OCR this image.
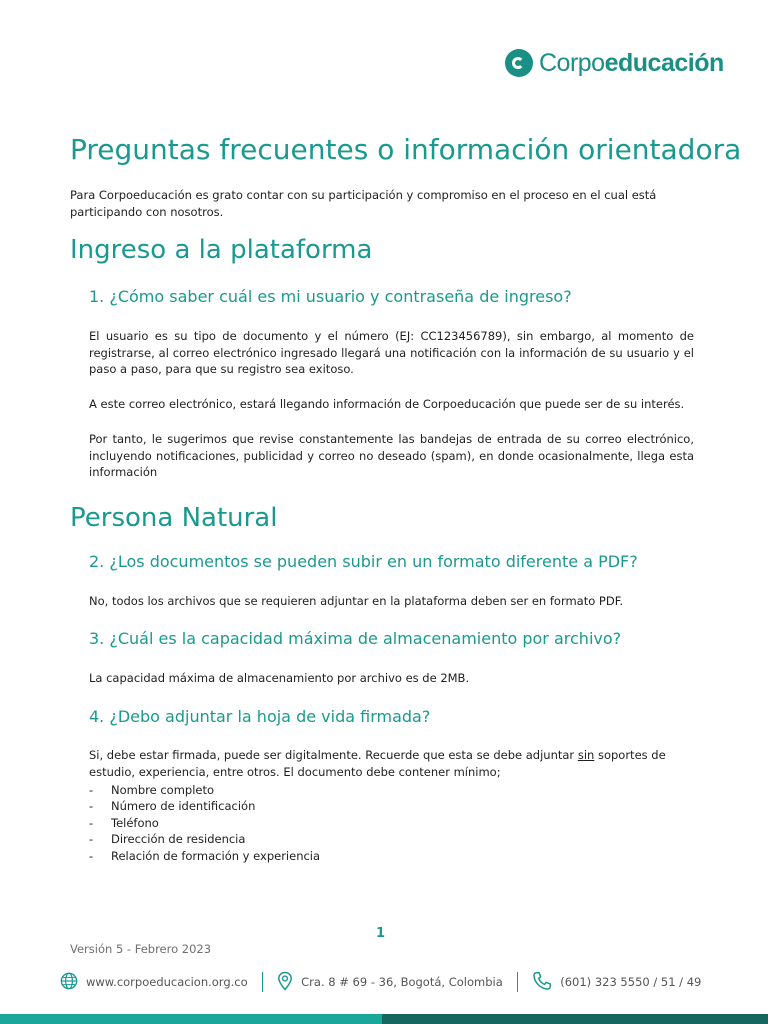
Corpoeducación
Preguntas frecuentes o información orientadora

Para Corpoeducación es grato contar con su participación y compromiso en el proceso en el cual está participando con nosotros.

Ingreso a la plataforma
1. ¿Cómo saber cuál es mi usuario y contraseña de ingreso?

El usuario es su tipo de documento y el número (EJ: CC123456789), sin embargo, al momento de registrarse, al correo electrónico ingresado llegará una notificación con la información de su usuario y el paso a paso, para que su registro sea exitoso.

A este correo electrónico, estará llegando información de Corpoeducación que puede ser de su interés.

Por tanto, le sugerimos que revise constantemente las bandejas de entrada de su correo electrónico, incluyendo notificaciones, publicidad y correo no deseado (spam), en donde ocasionalmente, llega esta información

Persona Natural
2. ¿Los documentos se pueden subir en un formato diferente a PDF?

No, todos los archivos que se requieren adjuntar en la plataforma deben ser en formato PDF.

3. ¿Cuál es la capacidad máxima de almacenamiento por archivo?

La capacidad máxima de almacenamiento por archivo es de 2MB.

4. ¿Debo adjuntar la hoja de vida firmada?

Si, debe estar firmada, puede ser digitalmente. Recuerde que esta se debe adjuntar sin soportes de estudio, experiencia, entre otros. El documento debe contener mínimo;

- Nombre completo
- Número de identificación
- Teléfono
- Dirección de residencia
- Relación de formación y experiencia
1
Versión 5 - Febrero 2023
www.corpoeducacion.org.co	Cra. 8 # 69 - 36, Bogotá, Colombia	(601) 323 5550 / 51 / 49
